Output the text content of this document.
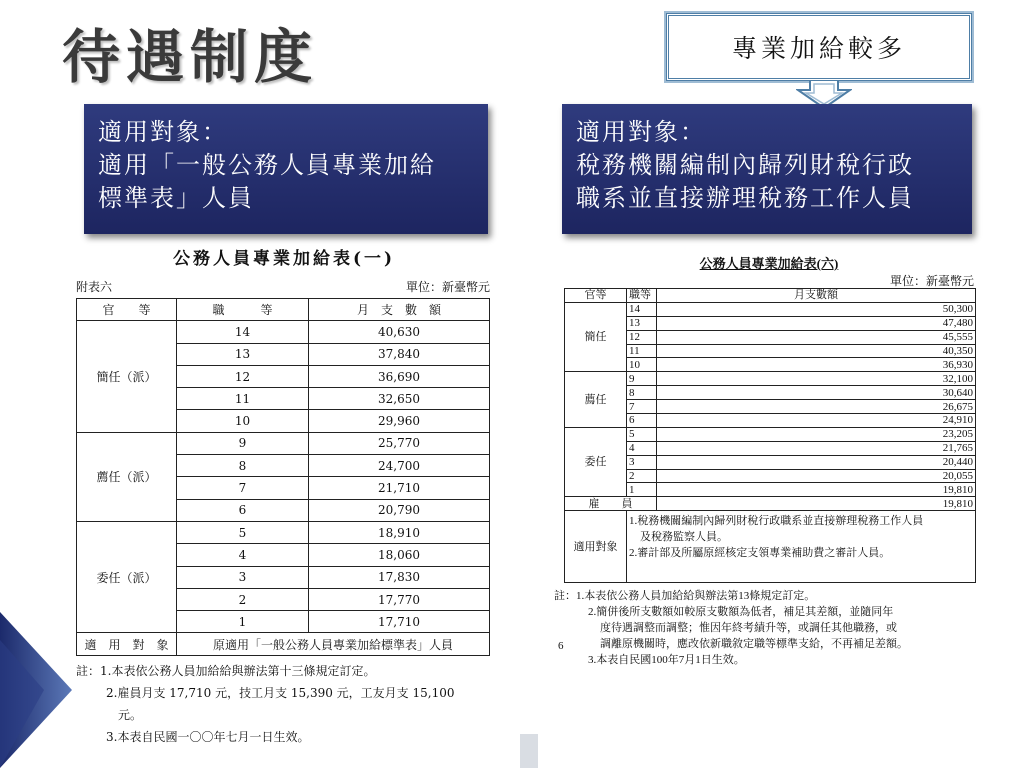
待遇制度	專業加給較多
適用對象：
適用「一般公務人員專業加給
標準表」人員
適用對象：
稅務機關編制內歸列財稅行政
職系並直接辦理稅務工作人員
公務人員專業加給表(一)
附表六	單位：新臺幣元
官　　等	職　　　等	月　支　數　額
簡任（派）	14	40,630
	13	37,840
	12	36,690
	11	32,650
	10	29,960
薦任（派）	9	25,770
	8	24,700
	7	21,710
	6	20,790
委任（派）	5	18,910
	4	18,060
	3	17,830
	2	17,770
	1	17,710
適　用　對　象	原適用「一般公務人員專業加給標準表」人員	
註：1.本表依公務人員加給給與辦法第十三條規定訂定。
2.雇員月支 17,710 元，技工月支 15,390 元，工友月支 15,100
元。
3.本表自民國一〇〇年七月一日生效。
公務人員專業加給表(六)
單位：新臺幣元
官等	職等	月支數額
簡任	14	50,300
	13	47,480
	12	45,555
	11	40,350
	10	36,930
薦任	9	32,100
	8	30,640
	7	26,675
	6	24,910
委任	5	23,205
	4	21,765
	3	20,440
	2	20,055
	1	19,810
雇　　員		19,810
適用對象	1.稅務機關編制內歸列財稅行政職系並直接辦理稅務工作人員
　及稅務監察人員。
2.審計部及所屬原經核定支領專業補助費之審計人員。	
註：1.本表依公務人員加給給與辦法第13條規定訂定。
2.簡併後所支數額如較原支數額為低者，補足其差額，並隨同年
度待遇調整而調整；惟因年終考績升等，或調任其他職務，或
調離原機關時，應改依新職敘定職等標準支給，不再補足差額。
3.本表自民國100年7月1日生效。
6
